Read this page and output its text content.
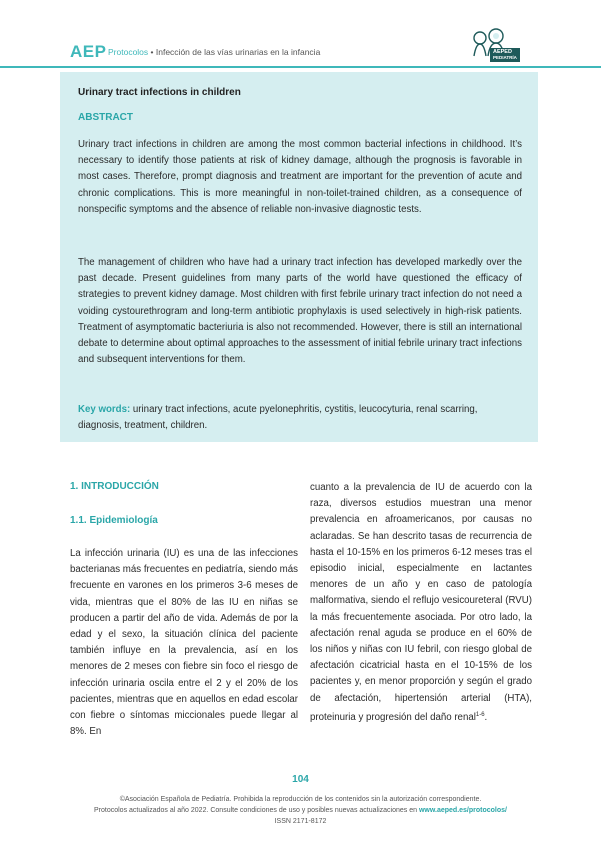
AEP Protocolos • Infección de las vías urinarias en la infancia	AEPED
PEDIATRÍA
Urinary tract infections in children
ABSTRACT

Urinary tract infections in children are among the most common bacterial infections in childhood. It’s necessary to identify those patients at risk of kidney damage, although the prognosis is favorable in most cases. Therefore, prompt diagnosis and treatment are important for the prevention of acute and chronic complications. This is more meaningful in non-toilet-trained children, as a consequence of nonspecific symptoms and the absence of reliable non-invasive diagnostic tests.

The management of children who have had a urinary tract infection has developed markedly over the past decade. Present guidelines from many parts of the world have questioned the efficacy of strategies to prevent kidney damage. Most children with first febrile urinary tract infection do not need a voiding cystourethrogram and long-term antibiotic prophylaxis is used selectively in high-risk patients. Treatment of asymptomatic bacteriuria is also not recommended. However, there is still an international debate to determine about optimal approaches to the assessment of initial febrile urinary tract infections and subsequent interventions for them.

Key words: urinary tract infections, acute pyelonephritis, cystitis, leucocyturia, renal scarring, diagnosis, treatment, children.

1. INTRODUCCIÓN
1.1. Epidemiología

La infección urinaria (IU) es una de las infecciones bacterianas más frecuentes en pediatría, siendo más frecuente en varones en los primeros 3-6 meses de vida, mientras que el 80% de las IU en niñas se producen a partir del año de vida. Además de por la edad y el sexo, la situación clínica del paciente también influye en la prevalencia, así en los menores de 2 meses con fiebre sin foco el riesgo de infección urinaria oscila entre el 2 y el 20% de los pacientes, mientras que en aquellos en edad escolar con fiebre o síntomas miccionales puede llegar al 8%. En

cuanto a la prevalencia de IU de acuerdo con la raza, diversos estudios muestran una menor prevalencia en afroamericanos, por causas no aclaradas. Se han descrito tasas de recurrencia de hasta el 10-15% en los primeros 6-12 meses tras el episodio inicial, especialmente en lactantes menores de un año y en caso de patología malformativa, siendo el reflujo vesicoureteral (RVU) la más frecuentemente asociada. Por otro lado, la afectación renal aguda se produce en el 60% de los niños y niñas con IU febril, con riesgo global de afectación cicatricial hasta en el 10-15% de los pacientes y, en menor proporción y según el grado de afectación, hipertensión arterial (HTA), proteinuria y progresión del daño renal$^{1-6}$.

104
©Asociación Española de Pediatría. Prohibida la reproducción de los contenidos sin la autorización correspondiente.
Protocolos actualizados al año 2022. Consulte condiciones de uso y posibles nuevas actualizaciones en www.aeped.es/protocolos/
ISSN 2171-8172
